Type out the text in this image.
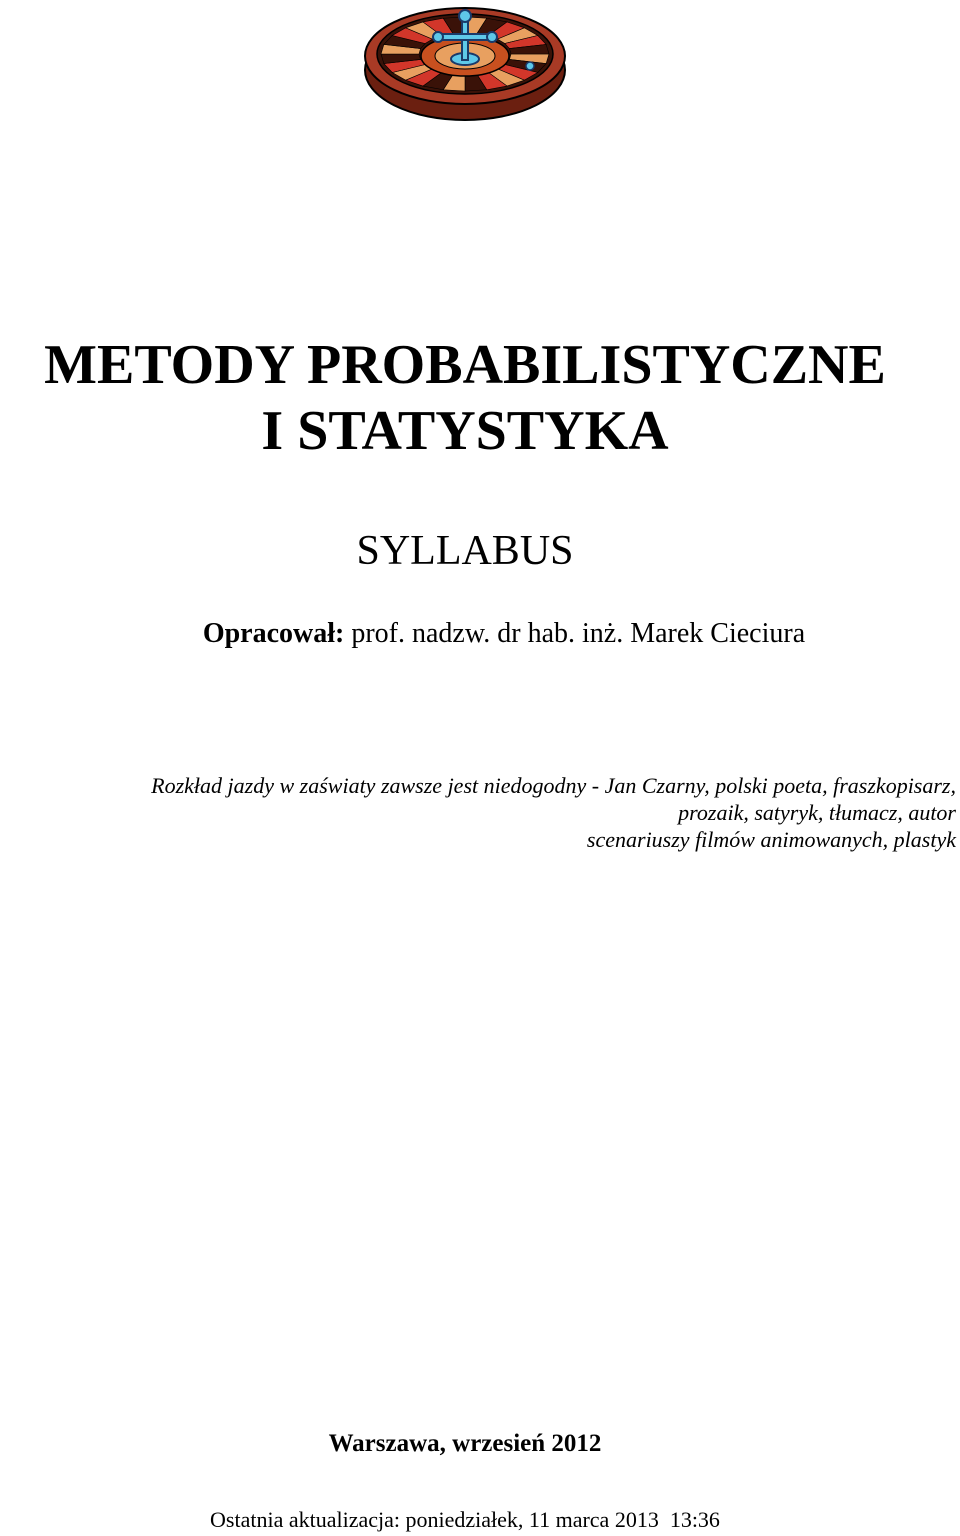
METODY PROBABILISTYCZNE
I STATYSTYKA
SYLLABUS

Opracował: prof. nadzw. dr hab. inż. Marek Cieciura

Rozkład jazdy w zaświaty zawsze jest niedogodny - Jan Czarny, polski poeta, fraszkopisarz,
prozaik, satyryk, tłumacz, autor
scenariuszy filmów animowanych, plastyk

Warszawa, wrzesień 2012

Ostatnia aktualizacja: poniedziałek, 11 marca 2013  13:36
